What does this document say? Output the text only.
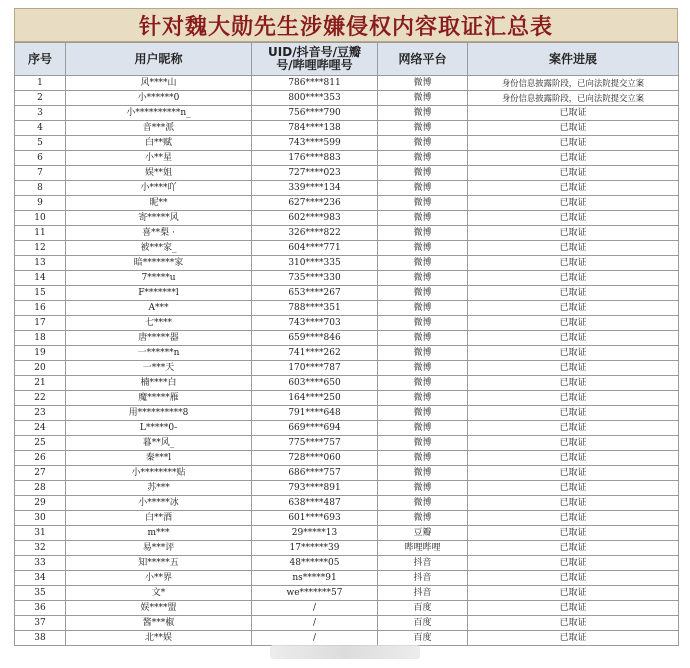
针对魏大勋先生涉嫌侵权内容取证汇总表
序号	用户昵称	UID/抖音号/豆瓣
号/哔哩哔哩号	网络平台	案件进展
1	风****山	786****811	微博	身份信息披露阶段，已向法院提交立案
2	小******0	800****353	微博	身份信息披露阶段，已向法院提交立案
3	小**********n_	756****790	微博	已取证
4	音***派	784****138	微博	已取证
5	白**赋	743****599	微博	已取证
6	小**星	176****883	微博	已取证
7	娱**姐	727****023	微博	已取证
8	小****吖	339****134	微博	已取证
9	昵**	627****236	微博	已取证
10	寄*****风	602****983	微博	已取证
11	喜**梨 ·	326****822	微博	已取证
12	被***家_	604****771	微博	已取证
13	暗*******家	310****335	微博	已取证
14	7*****u	735****330	微博	已取证
15	F*******l	653****267	微博	已取证
16	A***	788****351	微博	已取证
17	七****	743****703	微博	已取证
18	唐*****器	659****846	微博	已取证
19	一******n	741****262	微博	已取证
20	一***天	170****787	微博	已取证
21	楠****白	603****650	微博	已取证
22	魔*****雁	164****250	微博	已取证
23	用**********8	791****648	微博	已取证
24	L*****0-	669****694	微博	已取证
25	暮**风_	775****757	微博	已取证
26	秦***l	728****060	微博	已取证
27	小********贴	686****757	微博	已取证
28	苏***	793****891	微博	已取证
29	小*****冰	638****487	微博	已取证
30	白**酒	601****693	微博	已取证
31	m***	29*****13	豆瓣	已取证
32	易***评	17******39	哔哩哔哩	已取证
33	知*****五	48******05	抖音	已取证
34	小**界	ns*****91	抖音	已取证
35	文*	we*******57	抖音	已取证
36	娱****盟	/	百度	已取证
37	酱***椒	/	百度	已取证
38	北**娱	/	百度	已取证
